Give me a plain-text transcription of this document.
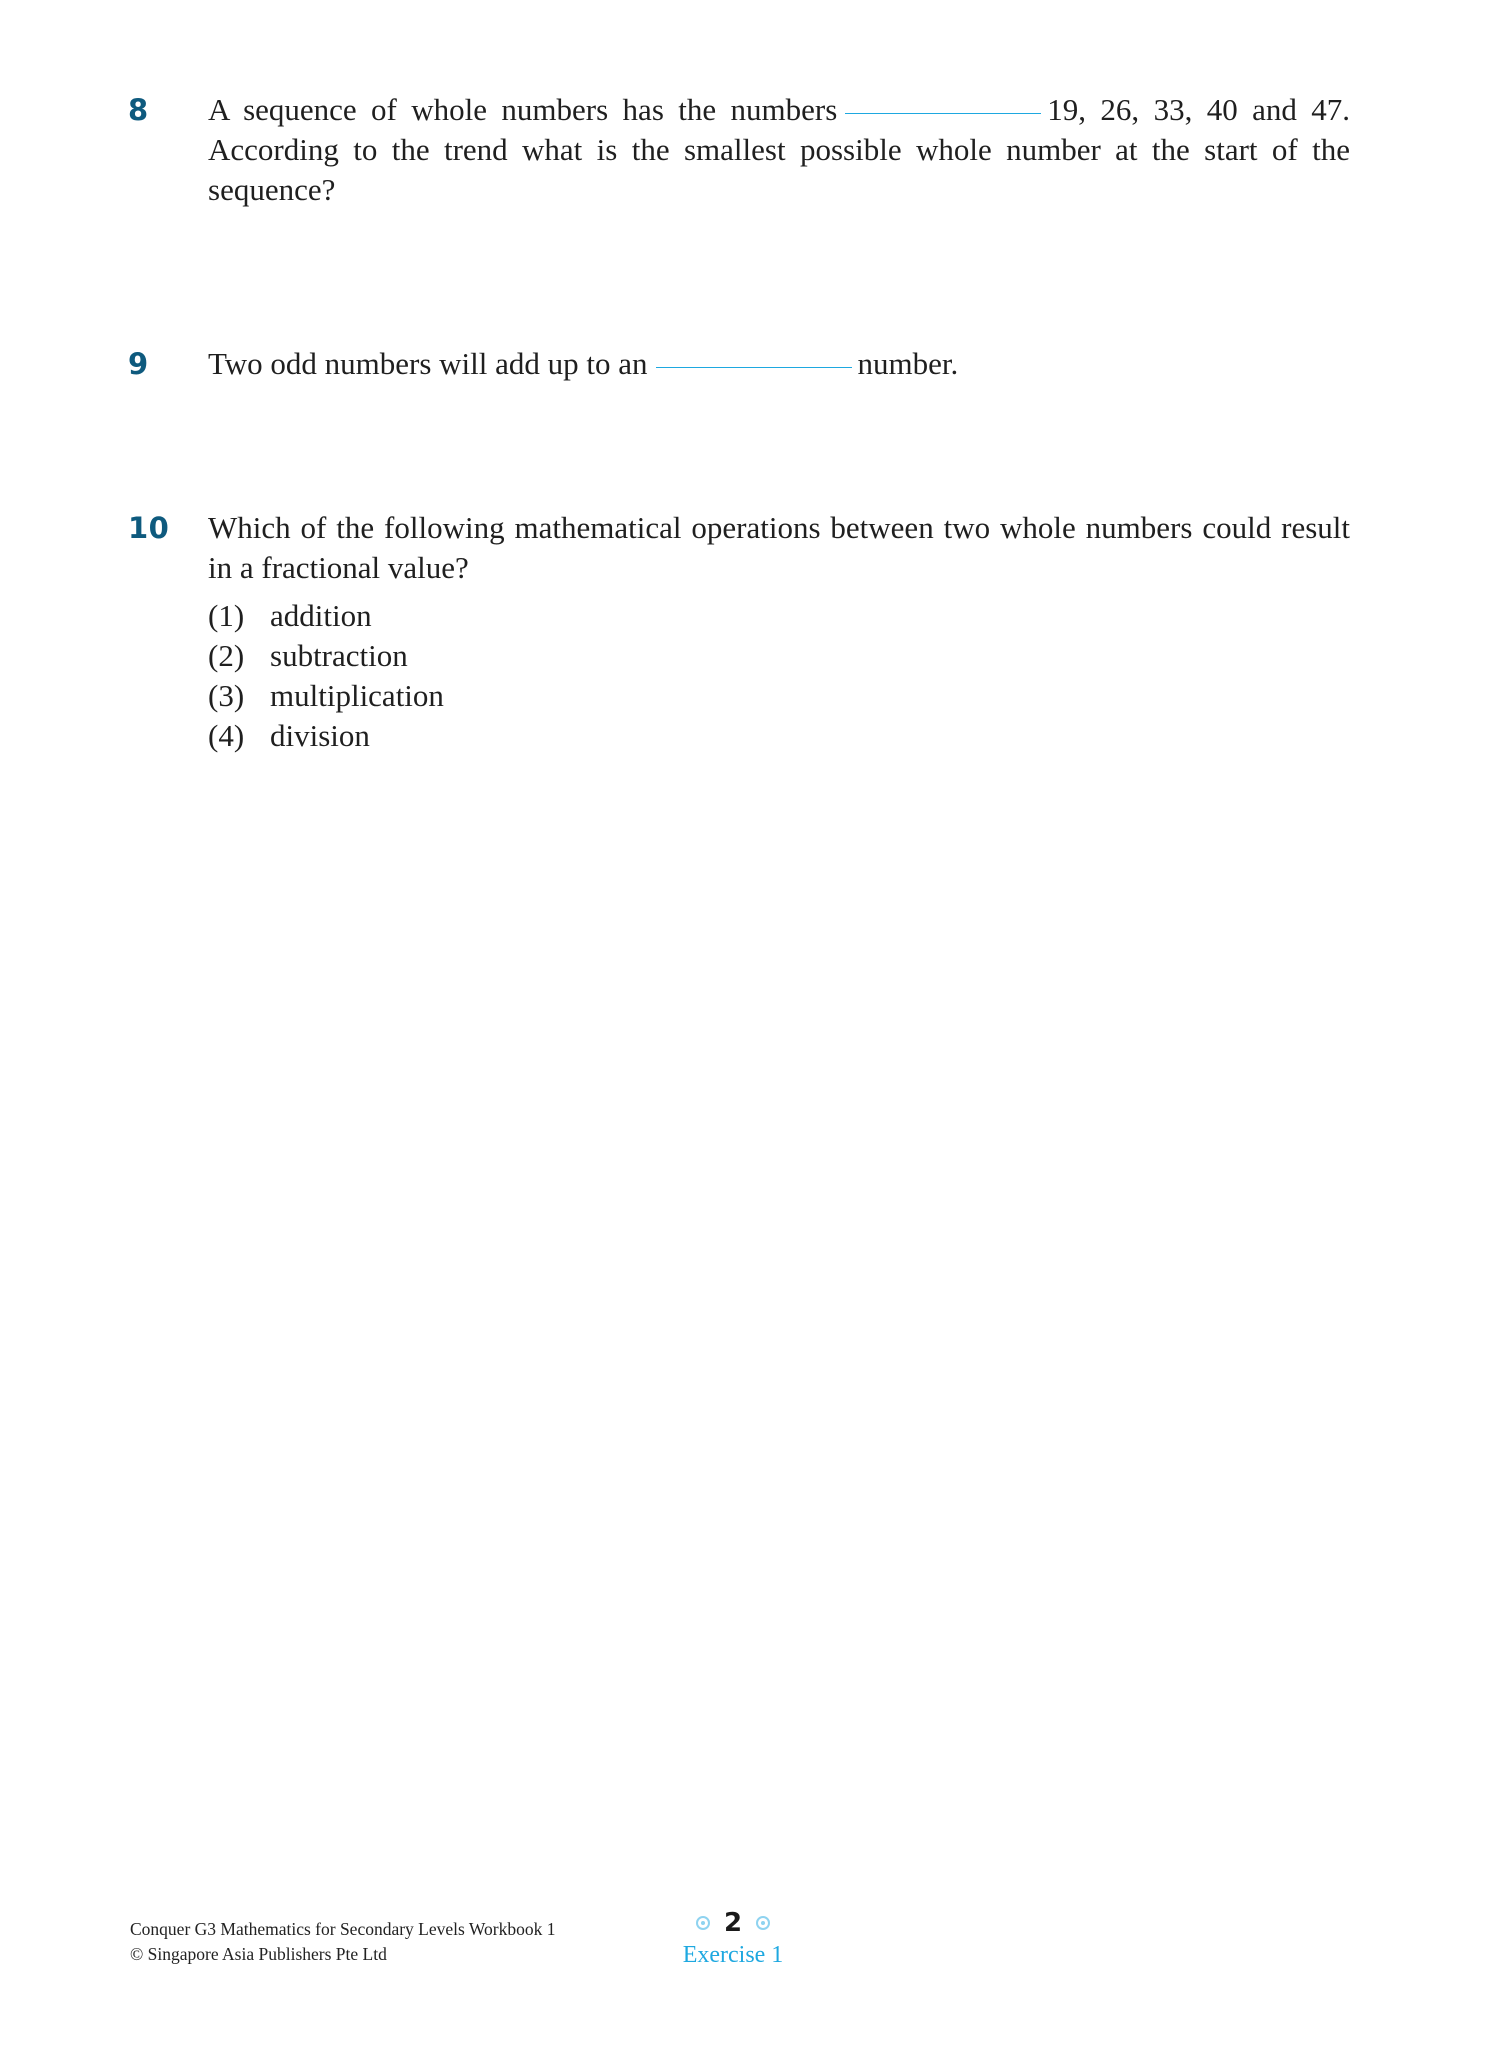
8 A sequence of whole numbers has the numbers	19, 26, 33, 40 and 47. According to the trend what is the smallest possible whole number at the start of the sequence?
9 Two odd numbers will add up to an	number.
10 Which of the following mathematical operations between two whole numbers could result in a fractional value?
(1) addition
(2) subtraction
(3) multiplication
(4) division
Conquer G3 Mathematics for Secondary Levels Workbook 1
© Singapore Asia Publishers Pte Ltd
2
Exercise 1
